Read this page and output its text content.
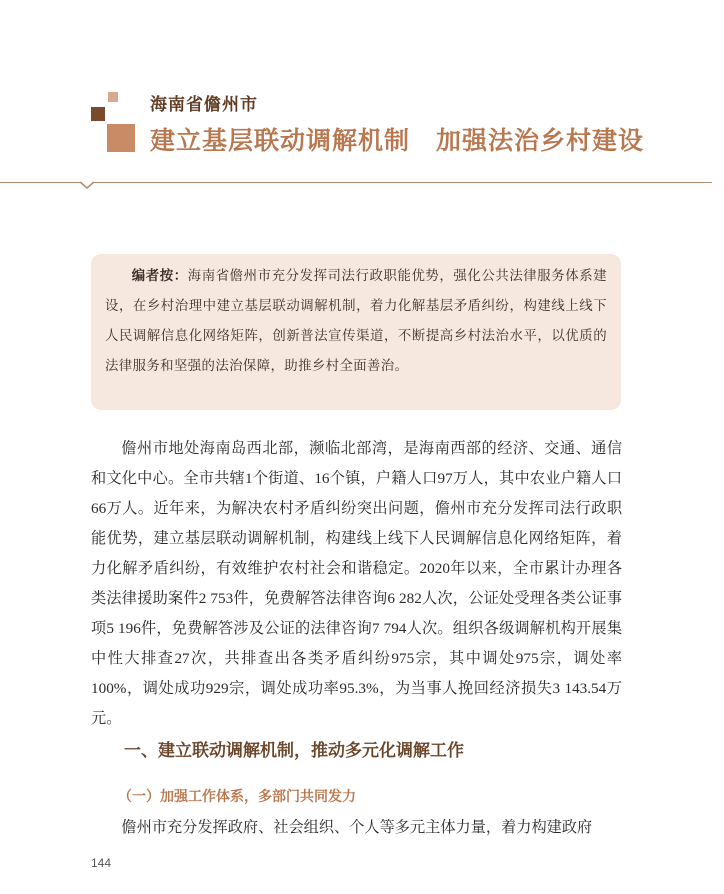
海南省儋州市
建立基层联动调解机制　加强法治乡村建设

编者按：海南省儋州市充分发挥司法行政职能优势，强化公共法律服务体系建设，在乡村治理中建立基层联动调解机制，着力化解基层矛盾纠纷，构建线上线下人民调解信息化网络矩阵，创新普法宣传渠道，不断提高乡村法治水平，以优质的法律服务和坚强的法治保障，助推乡村全面善治。

儋州市地处海南岛西北部，濒临北部湾，是海南西部的经济、交通、通信和文化中心。全市共辖1个街道、16个镇，户籍人口97万人，其中农业户籍人口66万人。近年来，为解决农村矛盾纠纷突出问题，儋州市充分发挥司法行政职能优势，建立基层联动调解机制，构建线上线下人民调解信息化网络矩阵，着力化解矛盾纠纷，有效维护农村社会和谐稳定。2020年以来，全市累计办理各类法律援助案件2 753件，免费解答法律咨询6 282人次，公证处受理各类公证事项5 196件，免费解答涉及公证的法律咨询7 794人次。组织各级调解机构开展集中性大排查27次，共排查出各类矛盾纠纷975宗，其中调处975宗，调处率100%，调处成功929宗，调处成功率95.3%，为当事人挽回经济损失3 143.54万元。

一、建立联动调解机制，推动多元化调解工作
（一）加强工作体系，多部门共同发力

儋州市充分发挥政府、社会组织、个人等多元主体力量，着力构建政府

144
